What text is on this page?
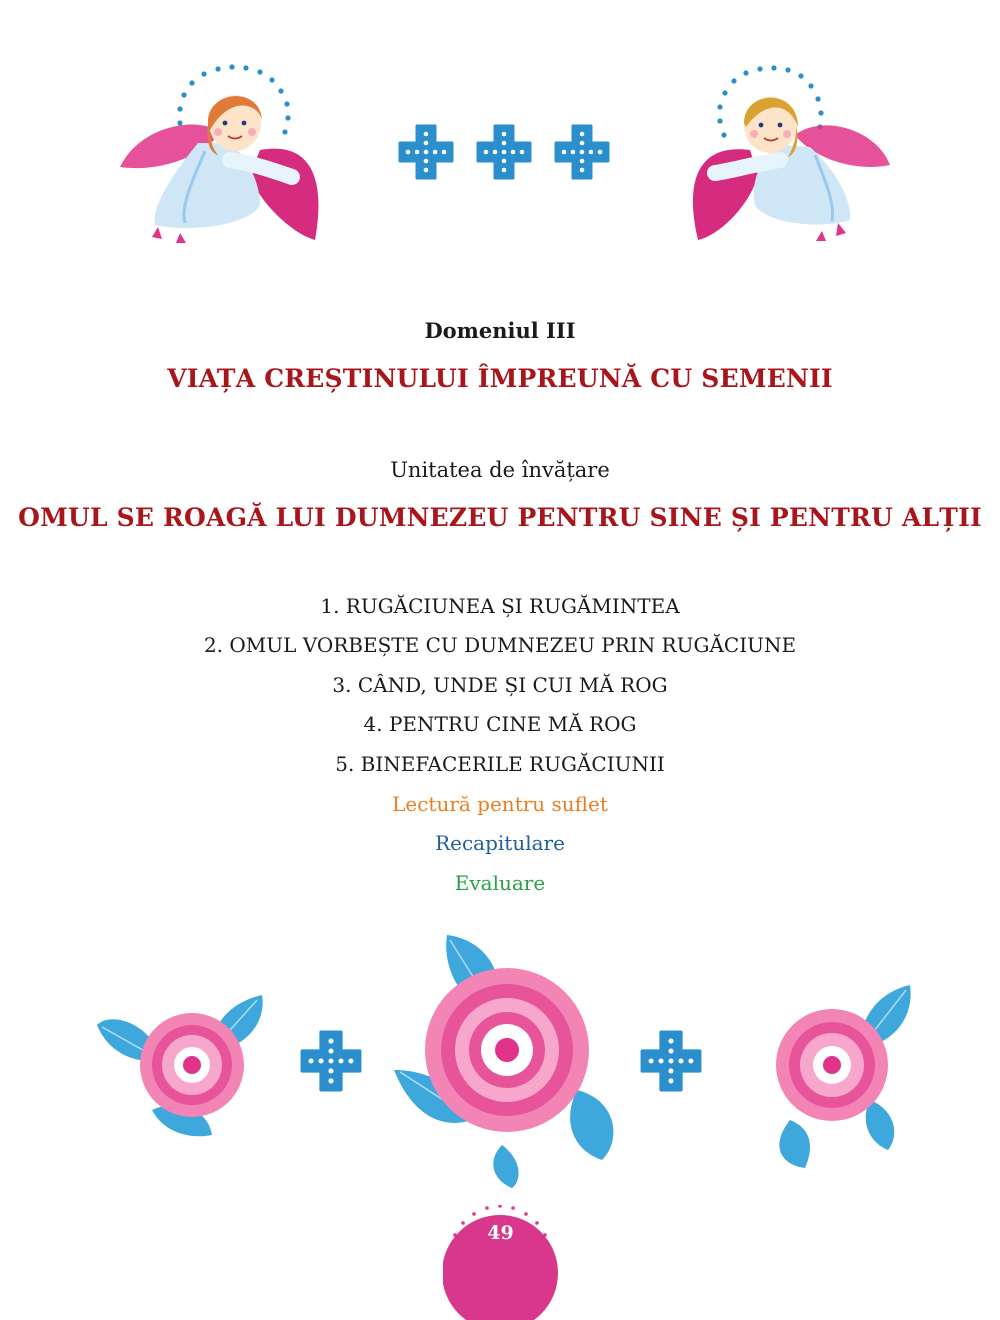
Domeniul III
VIAȚA CREȘTINULUI ÎMPREUNĂ CU SEMENII
Unitatea de învățare
OMUL SE ROAGĂ LUI DUMNEZEU PENTRU SINE ȘI PENTRU ALȚII
1. RUGĂCIUNEA ȘI RUGĂMINTEA
2. OMUL VORBEȘTE CU DUMNEZEU PRIN RUGĂCIUNE
3. CÂND, UNDE ȘI CUI MĂ ROG
4. PENTRU CINE MĂ ROG
5. BINEFACERILE RUGĂCIUNII
Lectură pentru suflet
Recapitulare
Evaluare
49
